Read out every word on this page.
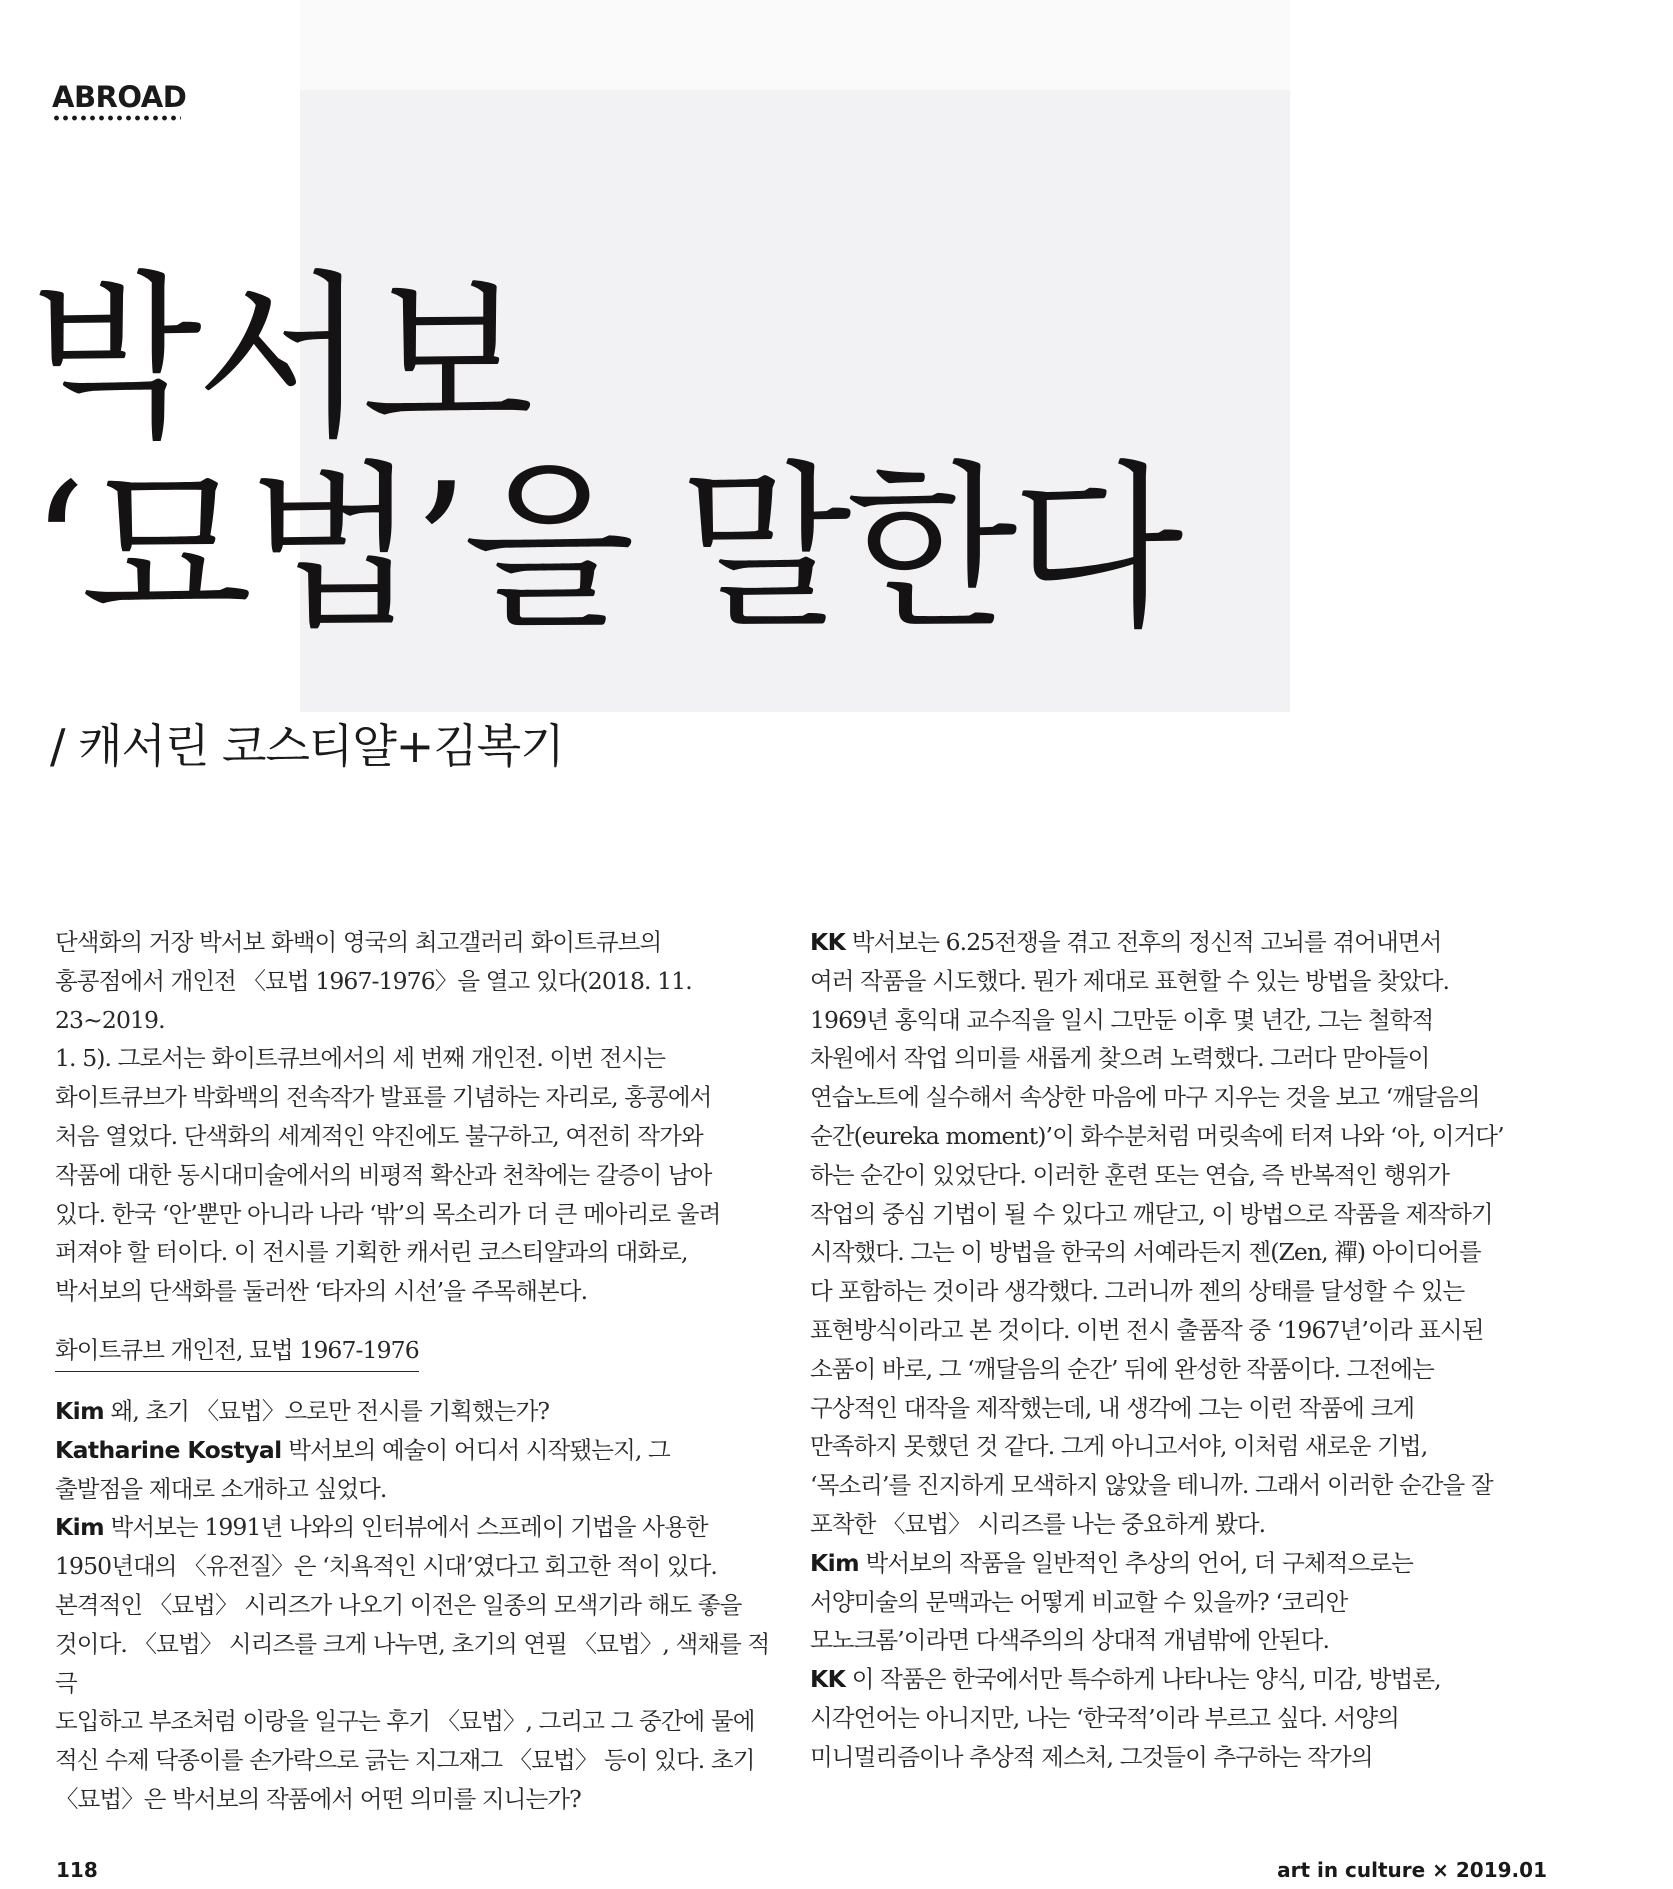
ABROAD
박서보
‘묘법’을 말한다
/ 캐서린 코스티얄+김복기

단색화의 거장 박서보 화백이 영국의 최고갤러리 화이트큐브의

홍콩점에서 개인전 〈묘법 1967-1976〉을 열고 있다(2018. 11. 23~2019.

1. 5). 그로서는 화이트큐브에서의 세 번째 개인전. 이번 전시는

화이트큐브가 박화백의 전속작가 발표를 기념하는 자리로, 홍콩에서

처음 열었다. 단색화의 세계적인 약진에도 불구하고, 여전히 작가와

작품에 대한 동시대미술에서의 비평적 확산과 천착에는 갈증이 남아

있다. 한국 ‘안’뿐만 아니라 나라 ‘밖’의 목소리가 더 큰 메아리로 울려

퍼져야 할 터이다. 이 전시를 기획한 캐서린 코스티얄과의 대화로,

박서보의 단색화를 둘러싼 ‘타자의 시선’을 주목해본다.

화이트큐브 개인전, 묘법 1967-1976

Kim 왜, 초기 〈묘법〉으로만 전시를 기획했는가?

Katharine Kostyal 박서보의 예술이 어디서 시작됐는지, 그

출발점을 제대로 소개하고 싶었다.

Kim 박서보는 1991년 나와의 인터뷰에서 스프레이 기법을 사용한

1950년대의 〈유전질〉은 ‘치욕적인 시대’였다고 회고한 적이 있다.

본격적인 〈묘법〉 시리즈가 나오기 이전은 일종의 모색기라 해도 좋을

것이다. 〈묘법〉 시리즈를 크게 나누면, 초기의 연필 〈묘법〉, 색채를 적극

도입하고 부조처럼 이랑을 일구는 후기 〈묘법〉, 그리고 그 중간에 물에

적신 수제 닥종이를 손가락으로 긁는 지그재그 〈묘법〉 등이 있다. 초기

〈묘법〉은 박서보의 작품에서 어떤 의미를 지니는가?

KK 박서보는 6.25전쟁을 겪고 전후의 정신적 고뇌를 겪어내면서

여러 작품을 시도했다. 뭔가 제대로 표현할 수 있는 방법을 찾았다.

1969년 홍익대 교수직을 일시 그만둔 이후 몇 년간, 그는 철학적

차원에서 작업 의미를 새롭게 찾으려 노력했다. 그러다 맏아들이

연습노트에 실수해서 속상한 마음에 마구 지우는 것을 보고 ‘깨달음의

순간(eureka moment)’이 화수분처럼 머릿속에 터져 나와 ‘아, 이거다’

하는 순간이 있었단다. 이러한 훈련 또는 연습, 즉 반복적인 행위가

작업의 중심 기법이 될 수 있다고 깨닫고, 이 방법으로 작품을 제작하기

시작했다. 그는 이 방법을 한국의 서예라든지 젠(Zen, 禪) 아이디어를

다 포함하는 것이라 생각했다. 그러니까 젠의 상태를 달성할 수 있는

표현방식이라고 본 것이다. 이번 전시 출품작 중 ‘1967년’이라 표시된

소품이 바로, 그 ‘깨달음의 순간’ 뒤에 완성한 작품이다. 그전에는

구상적인 대작을 제작했는데, 내 생각에 그는 이런 작품에 크게

만족하지 못했던 것 같다. 그게 아니고서야, 이처럼 새로운 기법,

‘목소리’를 진지하게 모색하지 않았을 테니까. 그래서 이러한 순간을 잘

포착한 〈묘법〉 시리즈를 나는 중요하게 봤다.

Kim 박서보의 작품을 일반적인 추상의 언어, 더 구체적으로는

서양미술의 문맥과는 어떻게 비교할 수 있을까? ‘코리안

모노크롬’이라면 다색주의의 상대적 개념밖에 안된다.

KK 이 작품은 한국에서만 특수하게 나타나는 양식, 미감, 방법론,

시각언어는 아니지만, 나는 ‘한국적’이라 부르고 싶다. 서양의

미니멀리즘이나 추상적 제스처, 그것들이 추구하는 작가의

118	art in culture × 2019.01
